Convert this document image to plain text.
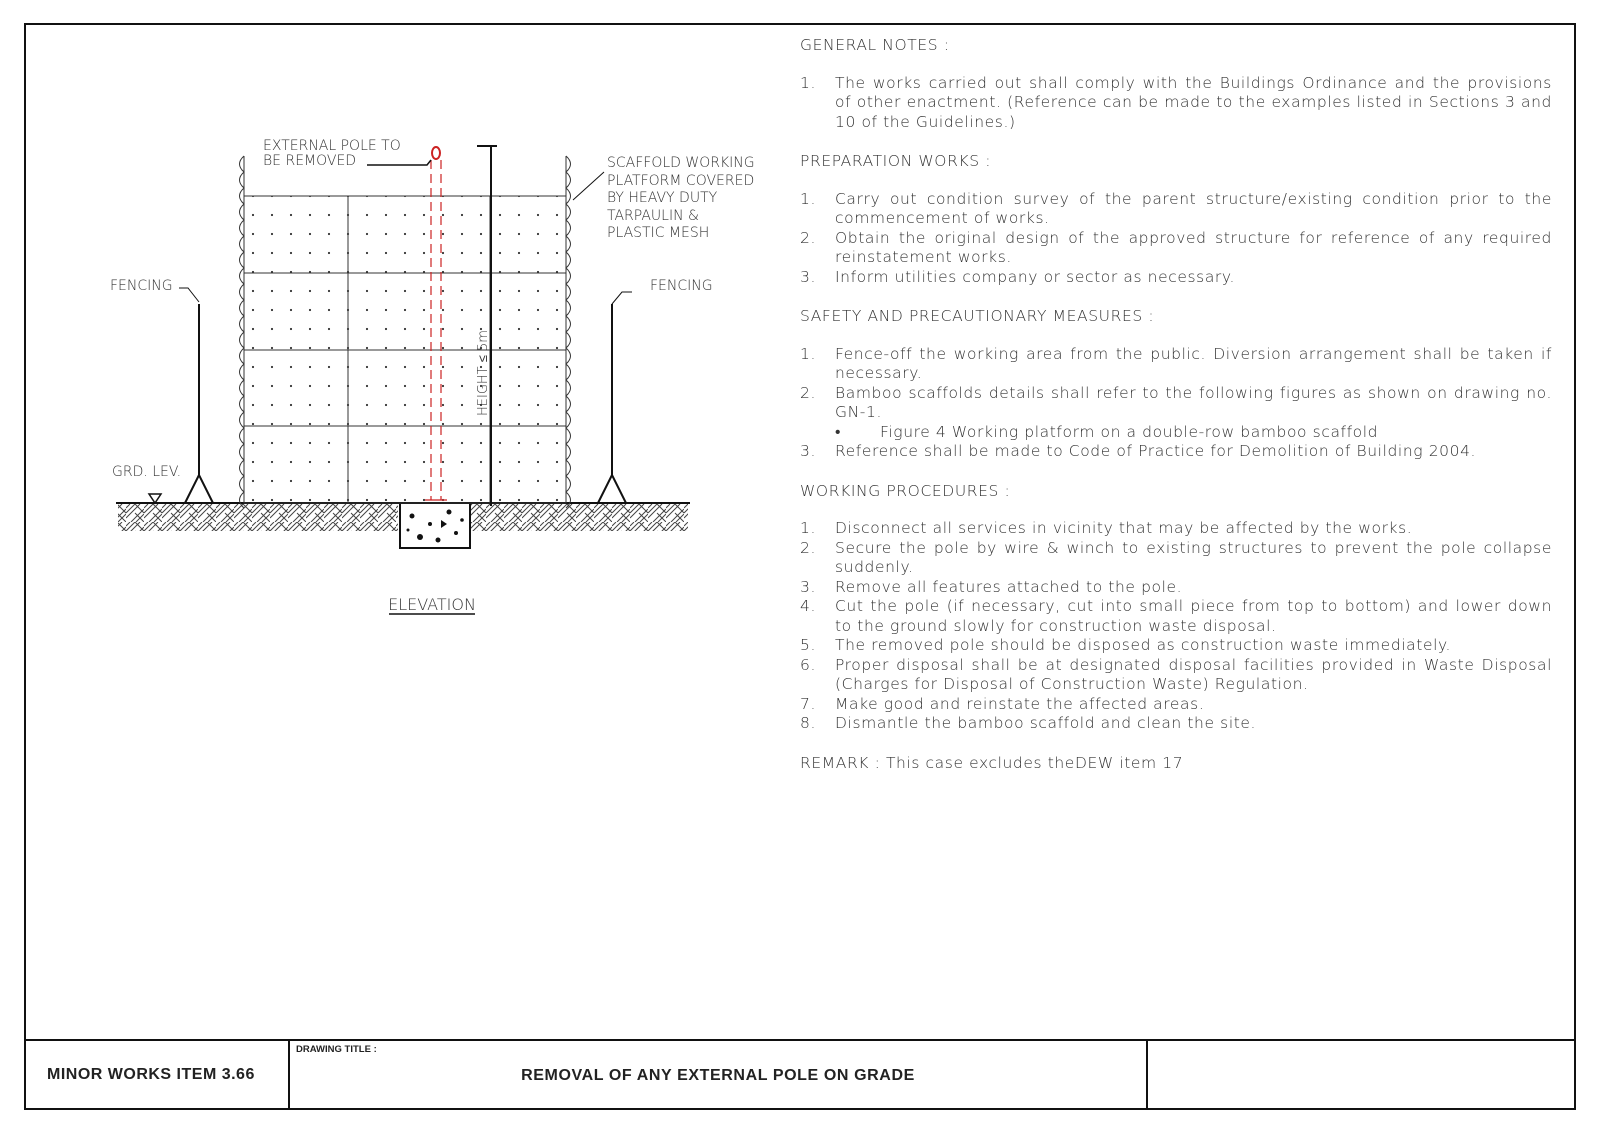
HEIGHT ≤ 5m
EXTERNAL POLE TO
BE REMOVED	SCAFFOLD WORKING
PLATFORM COVERED
BY HEAVY DUTY
TARPAULIN &
PLASTIC MESH
FENCING	FENCING
GRD. LEV.
ELEVATION
GENERAL NOTES :
1. The works carried out shall comply with the Buildings Ordinance and the provisions of other enactment. (Reference can be made to the examples listed in Sections 3 and 10 of the Guidelines.)
PREPARATION WORKS :
1. Carry out condition survey of the parent structure/existing condition prior to the commencement of works.
2. Obtain the original design of the approved structure for reference of any required reinstatement works.
3. Inform utilities company or sector as necessary.
SAFETY AND PRECAUTIONARY MEASURES :
1. Fence-off the working area from the public. Diversion arrangement shall be taken if necessary.
2. Bamboo scaffolds details shall refer to the following figures as shown on drawing no. GN-1.
•	Figure 4 Working platform on a double-row bamboo scaffold
3. Reference shall be made to Code of Practice for Demolition of Building 2004.
WORKING PROCEDURES :
1. Disconnect all services in vicinity that may be affected by the works.
2. Secure the pole by wire & winch to existing structures to prevent the pole collapse suddenly.
3. Remove all features attached to the pole.
4. Cut the pole (if necessary, cut into small piece from top to bottom) and lower down to the ground slowly for construction waste disposal.
5. The removed pole should be disposed as construction waste immediately.
6. Proper disposal shall be at designated disposal facilities provided in Waste Disposal (Charges for Disposal of Construction Waste) Regulation.
7. Make good and reinstate the affected areas.
8. Dismantle the bamboo scaffold and clean the site.
REMARK : This case excludes theDEW item 17
MINOR WORKS ITEM 3.66
DRAWING TITLE :
REMOVAL OF ANY EXTERNAL POLE ON GRADE
